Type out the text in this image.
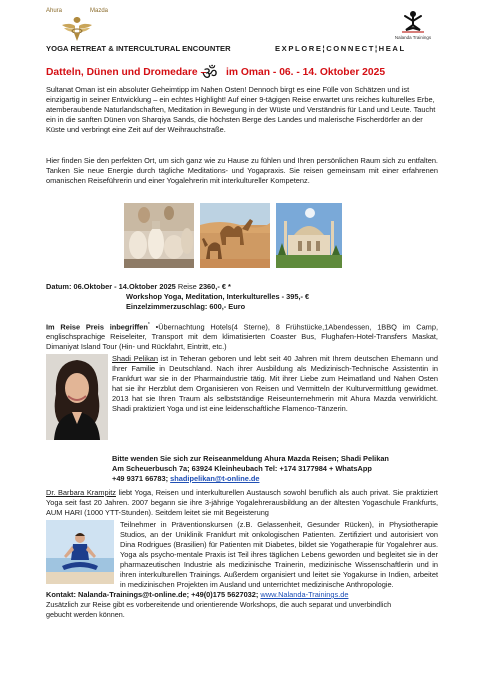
Ahura	Mazda
Nalanda Trainings
YOGA RETREAT & INTERCULTURAL ENCOUNTER	EXPLORE¦CONNECT¦HEAL
Datteln, Dünen und Dromedare –
ॐ im Oman - 06. - 14. Oktober 2025

Sultanat Oman ist ein absoluter Geheimtipp im Nahen Osten! Dennoch birgt es eine Fülle von Schätzen und ist einzigartig in seiner Entwicklung – ein echtes Highlight! Auf einer 9-tägigen Reise erwartet uns reiches kulturelles Erbe, atemberaubende Naturlandschaften, Meditation in Bewegung in der Wüste und Verständnis für Land und Leute. Taucht ein in die sanften Dünen von Sharqiya Sands, die höchsten Berge des Landes und malerische Fischerdörfer an der Küste und verbringt eine Zeit auf der Weihrauchstraße.

Hier finden Sie den perfekten Ort, um sich ganz wie zu Hause zu fühlen und Ihren persönlichen Raum sich zu entfalten. Tanken Sie neue Energie durch tägliche Meditations- und Yogapraxis. Sie reisen gemeinsam mit einer erfahrenen omanischen Reiseführerin und einer Yogalehrerin mit interkultureller Kompetenz.

Datum: 06.Oktober - 14.Oktober 2025 Reise 2360,- € *
Workshop Yoga, Meditation, Interkulturelles - 395,- €
Einzelzimmerzuschlag: 600,- Euro

Im Reise Preis inbegriffen* •Übernachtung Hotels(4 Sterne), 8 Frühstücke,1Abendessen, 1BBQ im Camp, englischsprachige Reiseleiter, Transport mit dem klimatisierten Coaster Bus, Flughafen-Hotel-Transfers Maskat, Dimaniyat Island Tour (Hin- und Rückfahrt, Eintritt, etc.)

Shadi Pelikan ist in Teheran geboren und lebt seit 40 Jahren mit Ihrem deutschen Ehemann und Ihrer Familie in Deutschland. Nach ihrer Ausbildung als Medizinisch-Technische Assistentin in Frankfurt war sie in der Pharmaindustrie tätig. Mit ihrer Liebe zum Heimatland und Nahen Osten hat sie ihr Herzblut dem Organisieren von Reisen und Vermitteln der Kulturvermittlung gewidmet. 2013 hat sie Ihren Traum als selbstständige Reiseunternehmerin mit Ahura Mazda verwirklicht. Shadi praktiziert Yoga und ist eine leidenschaftliche Flamenco-Tänzerin.

Bitte wenden Sie sich zur Reiseanmeldung Ahura Mazda Reisen; Shadi Pelikan
Am Scheuerbusch 7a; 63924 Kleinheubach Tel: +174 3177984 + WhatsApp
+49 9371 66783; shadipelikan@t-online.de

Dr. Barbara Krampitz liebt Yoga, Reisen und interkulturellen Austausch sowohl beruflich als auch privat. Sie praktiziert Yoga seit fast 20 Jahren. 2007 begann sie ihre 3-jährige Yogalehrerausbildung an der ältesten Yogaschule Frankfurts, AUM HARI (1000 YTT-Stunden). Seitdem leitet sie mit Begeisterung

Teilnehmer in Präventionskursen (z.B. Gelassenheit, Gesunder Rücken), in Physiotherapie Studios, an der Uniklinik Frankfurt mit onkologischen Patienten. Zertifiziert und autorisiert von Dina Rodrigues (Brasilien) für Patienten mit Diabetes, bildet sie Yogatherapie für Yogalehrer aus. Yoga als psycho-mentale Praxis ist Teil ihres täglichen Lebens geworden und begleitet sie in der pharmazeutischen Industrie als medizinische Trainerin, medizinische Wissenschaftlerin und in ihren interkulturellen Trainings. Außerdem organisiert und leitet sie Yogakurse in Indien, arbeitet in medizinischen Projekten im Ausland und unterrichtet medizinische Anthropologie.

Kontakt: Nalanda-Trainings@t-online.de; +49(0)175 5627032; www.Nalanda-Trainings.de

Zusätzlich zur Reise gibt es vorbereitende und orientierende Workshops, die auch separat und unverbindlich gebucht werden können.
